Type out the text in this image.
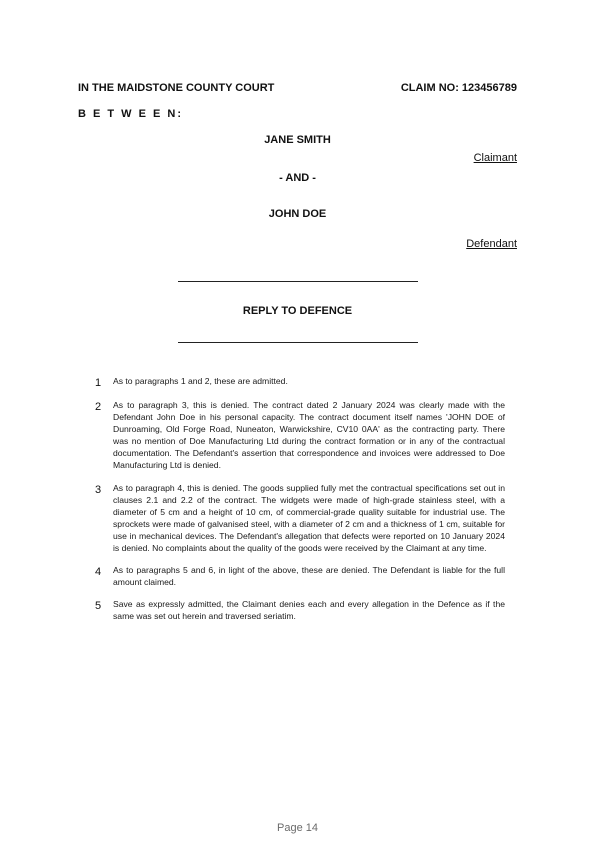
IN THE MAIDSTONE COUNTY COURT	CLAIM NO: 123456789
B E T W E E N:
JANE SMITH
Claimant
- AND -
JOHN DOE
Defendant
REPLY TO DEFENCE
1	As to paragraphs 1 and 2, these are admitted.
2	As to paragraph 3, this is denied. The contract dated 2 January 2024 was clearly made with the Defendant John Doe in his personal capacity. The contract document itself names 'JOHN DOE of Dunroaming, Old Forge Road, Nuneaton, Warwickshire, CV10 0AA' as the contracting party. There was no mention of Doe Manufacturing Ltd during the contract formation or in any of the contractual documentation. The Defendant's assertion that correspondence and invoices were addressed to Doe Manufacturing Ltd is denied.
3	As to paragraph 4, this is denied. The goods supplied fully met the contractual specifications set out in clauses 2.1 and 2.2 of the contract. The widgets were made of high-grade stainless steel, with a diameter of 5 cm and a height of 10 cm, of commercial-grade quality suitable for industrial use. The sprockets were made of galvanised steel, with a diameter of 2 cm and a thickness of 1 cm, suitable for use in mechanical devices. The Defendant's allegation that defects were reported on 10 January 2024 is denied. No complaints about the quality of the goods were received by the Claimant at any time.
4	As to paragraphs 5 and 6, in light of the above, these are denied. The Defendant is liable for the full amount claimed.
5	Save as expressly admitted, the Claimant denies each and every allegation in the Defence as if the same was set out herein and traversed seriatim.
Page 14
